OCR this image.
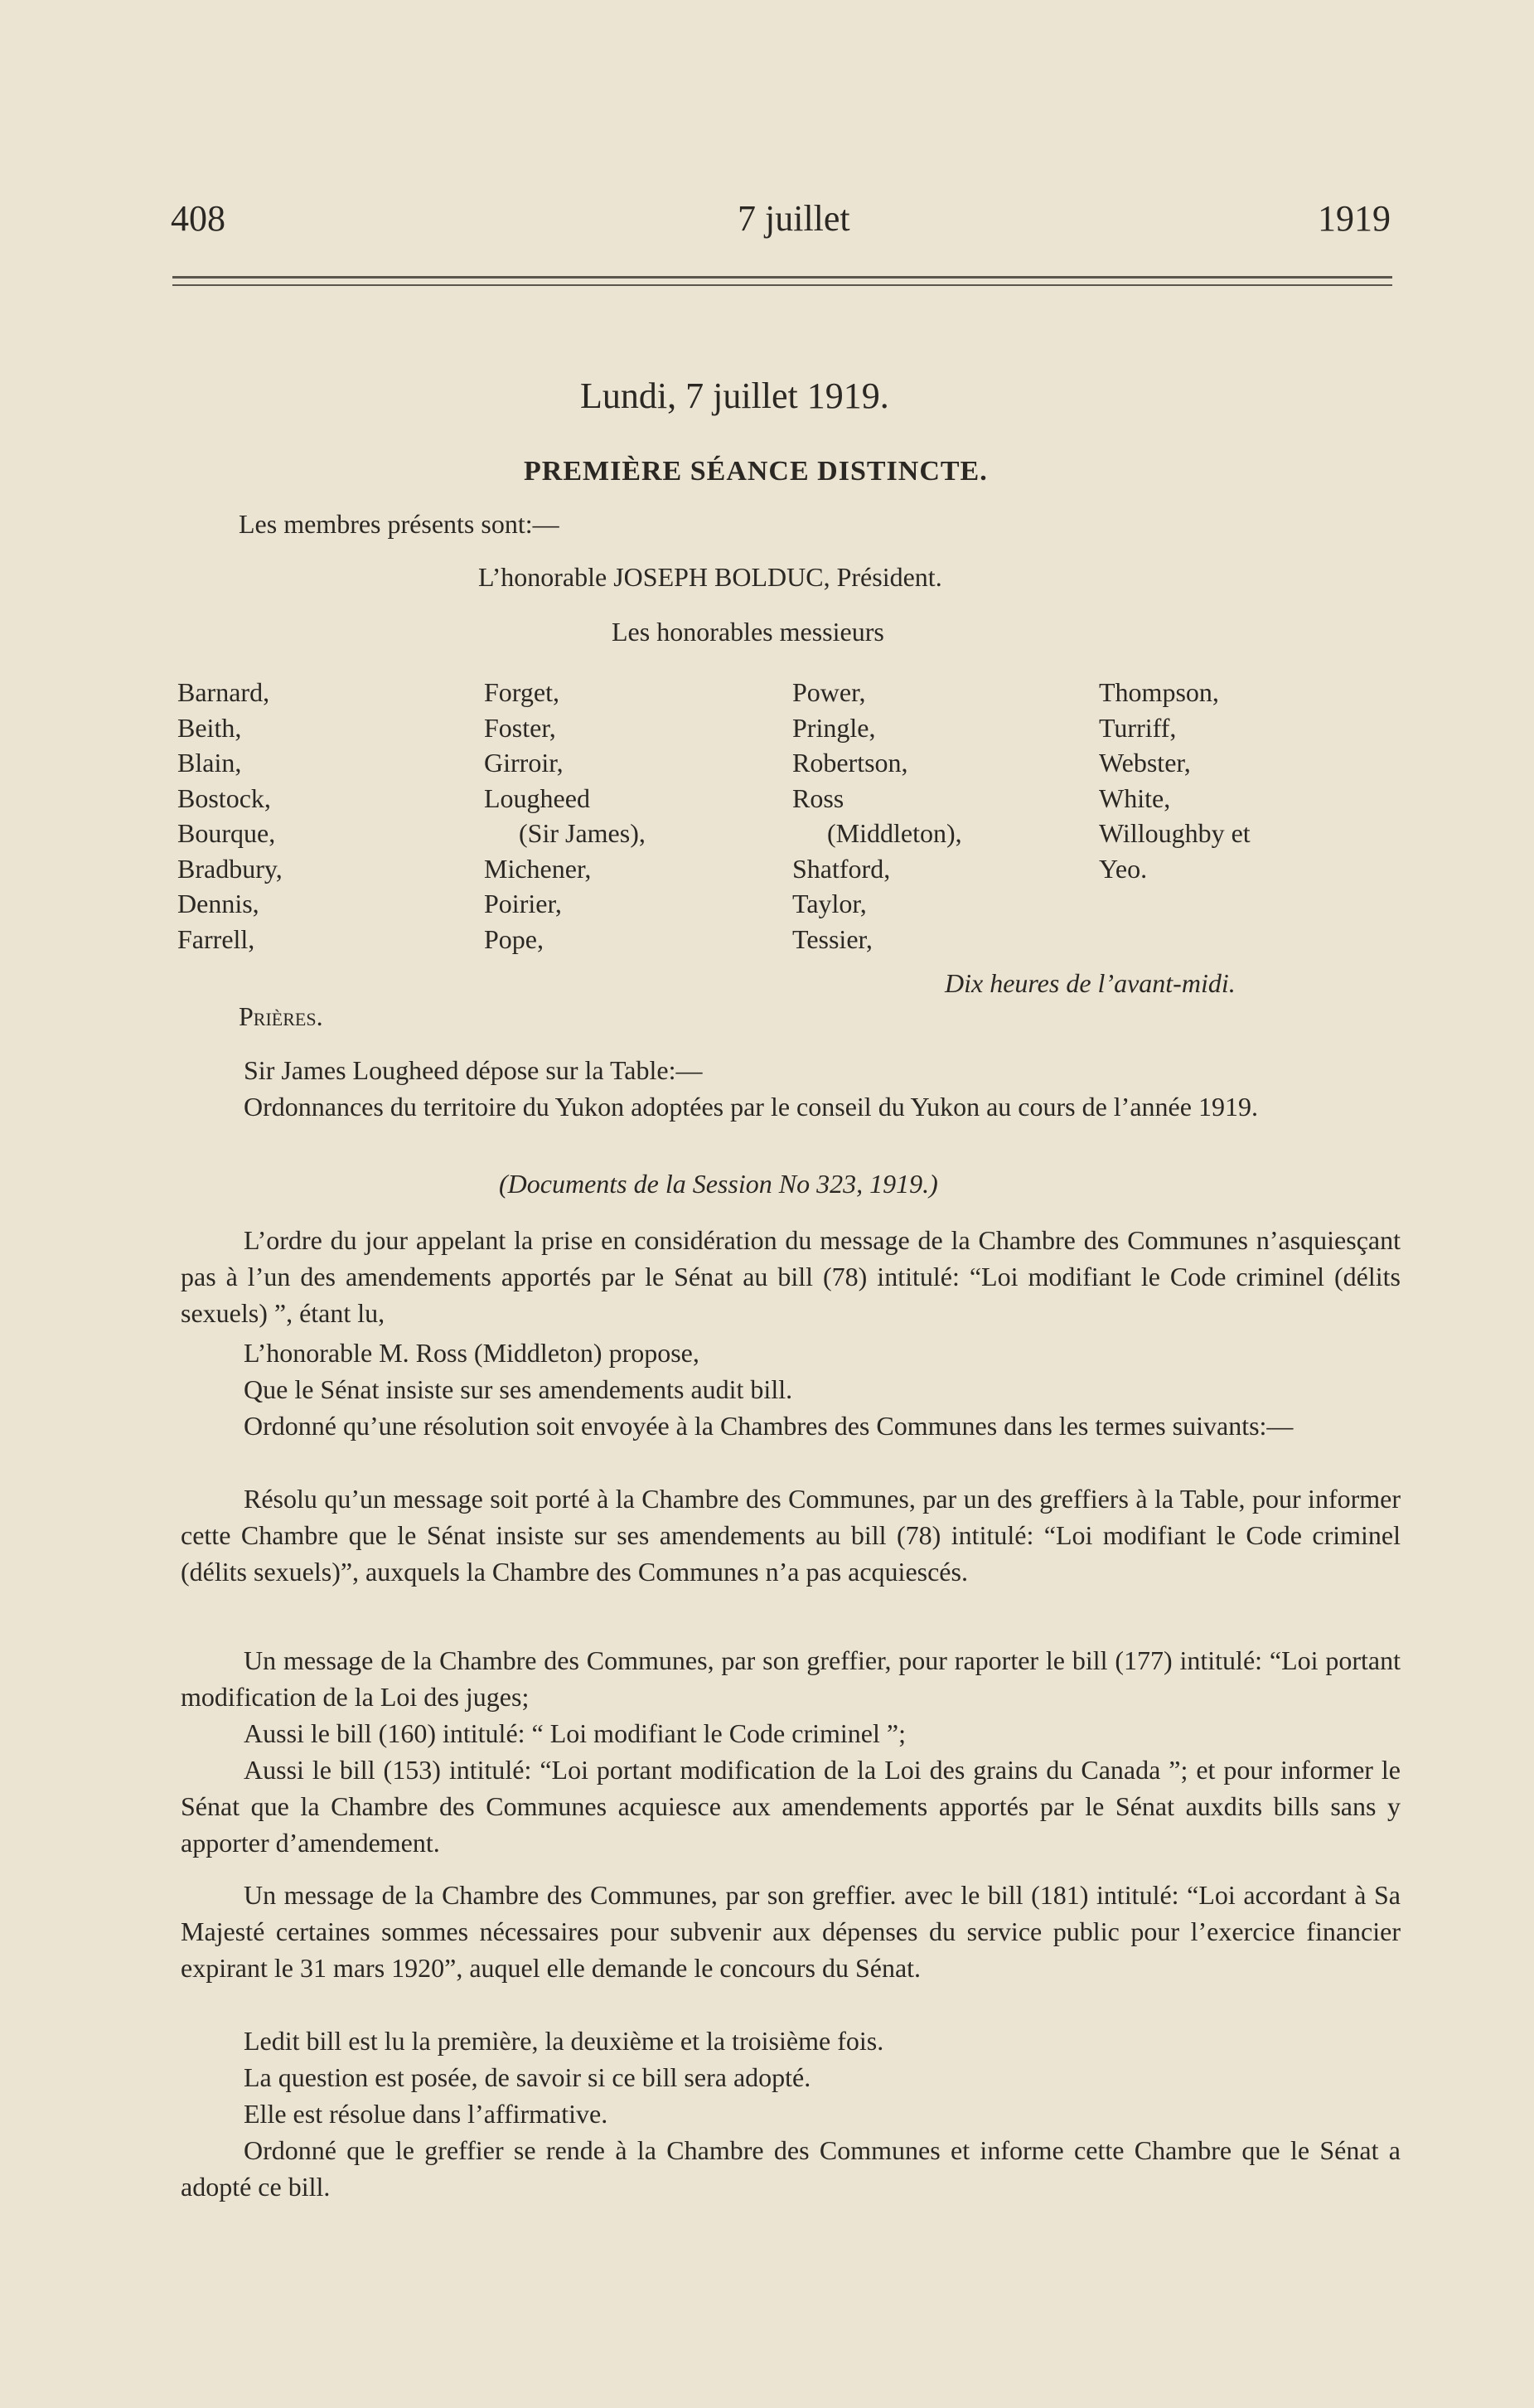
408	7 juillet	1919
Lundi, 7 juillet 1919.
PREMIÈRE SÉANCE DISTINCTE.
Les membres présents sont:—
L’honorable JOSEPH BOLDUC, Président.
Les honorables messieurs
Barnard,
Beith,
Blain,
Bostock,
Bourque,
Bradbury,
Dennis,
Farrell,
Forget,
Foster,
Girroir,
Lougheed
(Sir James),
Michener,
Poirier,
Pope,
Power,
Pringle,
Robertson,
Ross
(Middleton),
Shatford,
Taylor,
Tessier,
Thompson,
Turriff,
Webster,
White,
Willoughby et
Yeo.
Dix heures de l’avant-midi.
Prières.
Sir James Lougheed dépose sur la Table:—
Ordonnances du territoire du Yukon adoptées par le conseil du Yukon au cours de l’année 1919.
(Documents de la Session No 323, 1919.)
L’ordre du jour appelant la prise en considération du message de la Chambre des Communes n’asquiesçant pas à l’un des amendements apportés par le Sénat au bill (78) intitulé: “Loi modifiant le Code criminel (délits sexuels) ”, étant lu,
L’honorable M. Ross (Middleton) propose,
Que le Sénat insiste sur ses amendements audit bill.
Ordonné qu’une résolution soit envoyée à la Chambres des Communes dans les termes suivants:—
Résolu qu’un message soit porté à la Chambre des Communes, par un des greffiers à la Table, pour informer cette Chambre que le Sénat insiste sur ses amendements au bill (78) intitulé: “Loi modifiant le Code criminel (délits sexuels)”, auxquels la Chambre des Communes n’a pas acquiescés.
Un message de la Chambre des Communes, par son greffier, pour raporter le bill (177) intitulé: “Loi portant modification de la Loi des juges;
Aussi le bill (160) intitulé: “ Loi modifiant le Code criminel ”;
Aussi le bill (153) intitulé: “Loi portant modification de la Loi des grains du Canada ”; et pour informer le Sénat que la Chambre des Communes acquiesce aux amendements apportés par le Sénat auxdits bills sans y apporter d’amendement.
Un message de la Chambre des Communes, par son greffier. avec le bill (181) intitulé: “Loi accordant à Sa Majesté certaines sommes nécessaires pour subvenir aux dépenses du service public pour l’exercice financier expirant le 31 mars 1920”, auquel elle demande le concours du Sénat.
Ledit bill est lu la première, la deuxième et la troisième fois.
La question est posée, de savoir si ce bill sera adopté.
Elle est résolue dans l’affirmative.
Ordonné que le greffier se rende à la Chambre des Communes et informe cette Chambre que le Sénat a adopté ce bill.
